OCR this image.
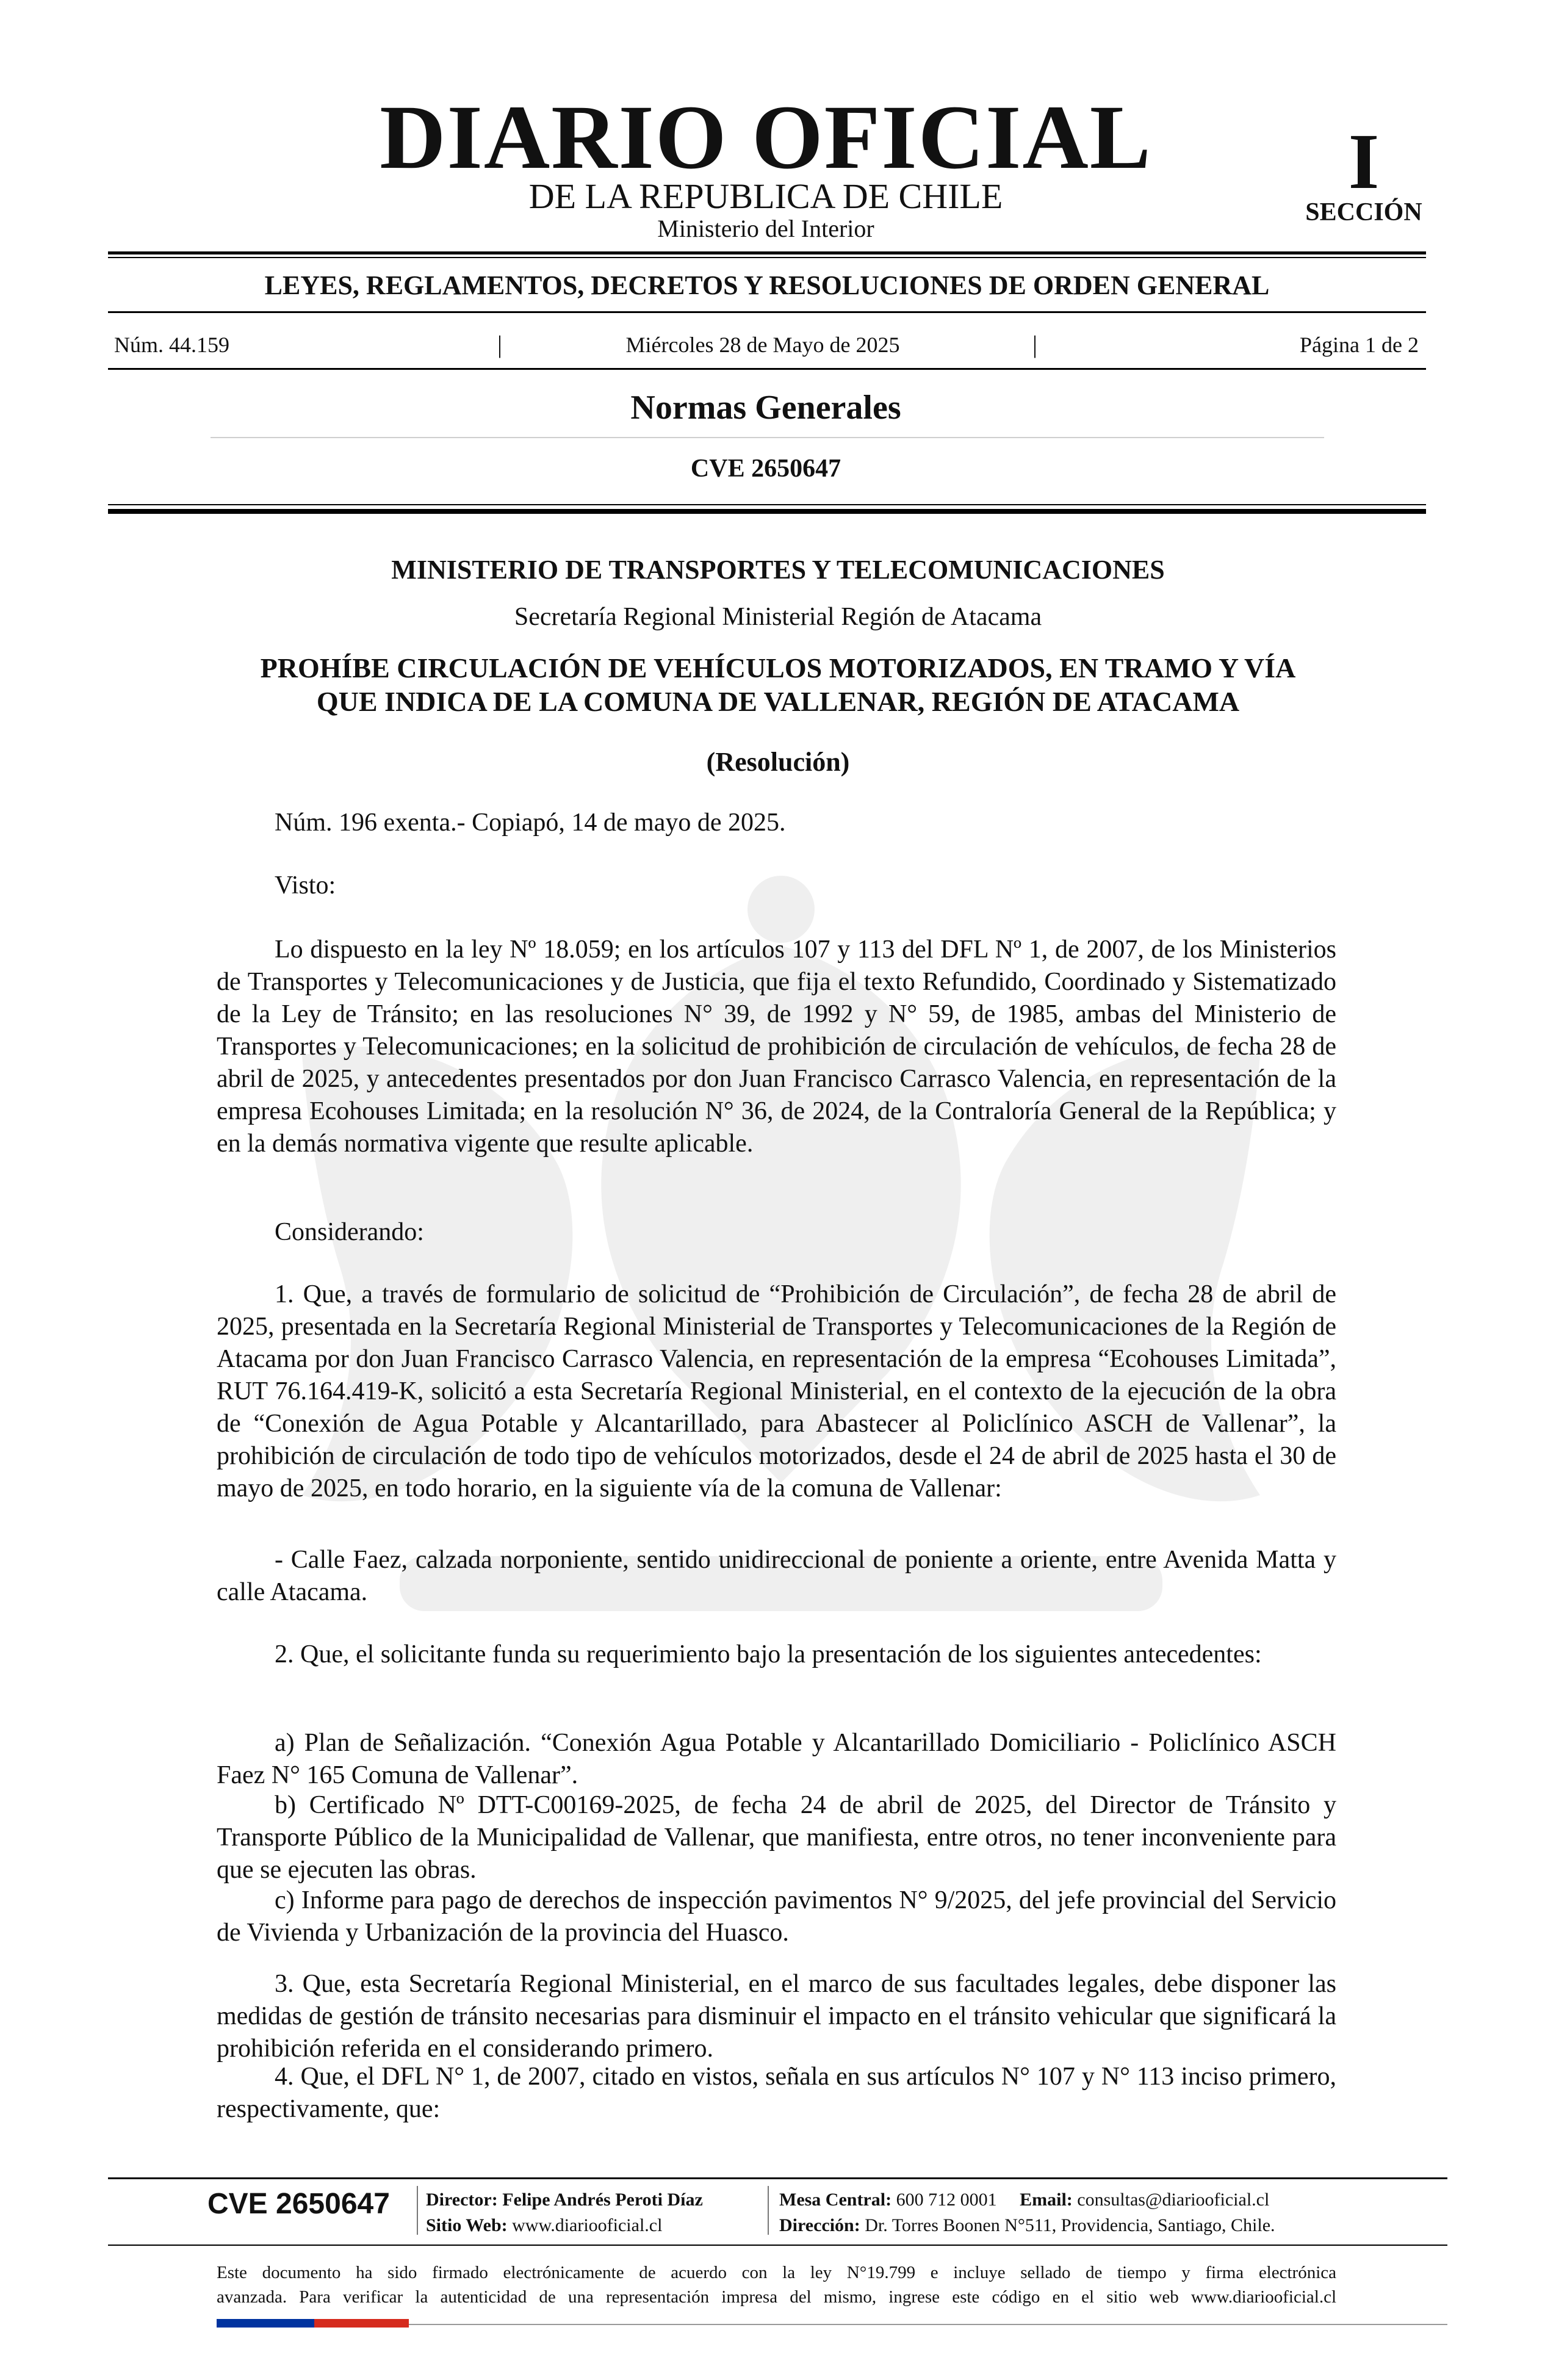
DIARIO OFICIAL
DE LA REPUBLICA DE CHILE
Ministerio del Interior
I
SECCIÓN
LEYES, REGLAMENTOS, DECRETOS Y RESOLUCIONES DE ORDEN GENERAL
Núm. 44.159	|	Miércoles 28 de Mayo de 2025	|	Página 1 de 2
Normas Generales
CVE 2650647
MINISTERIO DE TRANSPORTES Y TELECOMUNICACIONES
Secretaría Regional Ministerial Región de Atacama
PROHÍBE CIRCULACIÓN DE VEHÍCULOS MOTORIZADOS, EN TRAMO Y VÍA
QUE INDICA DE LA COMUNA DE VALLENAR, REGIÓN DE ATACAMA
(Resolución)

Núm. 196 exenta.- Copiapó, 14 de mayo de 2025.

Visto:

Lo dispuesto en la ley Nº 18.059; en los artículos 107 y 113 del DFL Nº 1, de 2007, de los Ministerios de Transportes y Telecomunicaciones y de Justicia, que fija el texto Refundido, Coordinado y Sistematizado de la Ley de Tránsito; en las resoluciones N° 39, de 1992 y N° 59, de 1985, ambas del Ministerio de Transportes y Telecomunicaciones; en la solicitud de prohibición de circulación de vehículos, de fecha 28 de abril de 2025, y antecedentes presentados por don Juan Francisco Carrasco Valencia, en representación de la empresa Ecohouses Limitada; en la resolución N° 36, de 2024, de la Contraloría General de la República; y en la demás normativa vigente que resulte aplicable.

Considerando:

1. Que, a través de formulario de solicitud de “Prohibición de Circulación”, de fecha 28 de abril de 2025, presentada en la Secretaría Regional Ministerial de Transportes y Telecomunicaciones de la Región de Atacama por don Juan Francisco Carrasco Valencia, en representación de la empresa “Ecohouses Limitada”, RUT 76.164.419-K, solicitó a esta Secretaría Regional Ministerial, en el contexto de la ejecución de la obra de “Conexión de Agua Potable y Alcantarillado, para Abastecer al Policlínico ASCH de Vallenar”, la prohibición de circulación de todo tipo de vehículos motorizados, desde el 24 de abril de 2025 hasta el 30 de mayo de 2025, en todo horario, en la siguiente vía de la comuna de Vallenar:

- Calle Faez, calzada norponiente, sentido unidireccional de poniente a oriente, entre Avenida Matta y calle Atacama.

2. Que, el solicitante funda su requerimiento bajo la presentación de los siguientes antecedentes:

a) Plan de Señalización. “Conexión Agua Potable y Alcantarillado Domiciliario - Policlínico ASCH Faez N° 165 Comuna de Vallenar”.

b) Certificado Nº DTT-C00169-2025, de fecha 24 de abril de 2025, del Director de Tránsito y Transporte Público de la Municipalidad de Vallenar, que manifiesta, entre otros, no tener inconveniente para que se ejecuten las obras.

c) Informe para pago de derechos de inspección pavimentos N° 9/2025, del jefe provincial del Servicio de Vivienda y Urbanización de la provincia del Huasco.

3. Que, esta Secretaría Regional Ministerial, en el marco de sus facultades legales, debe disponer las medidas de gestión de tránsito necesarias para disminuir el impacto en el tránsito vehicular que significará la prohibición referida en el considerando primero.

4. Que, el DFL N° 1, de 2007, citado en vistos, señala en sus artículos N° 107 y N° 113 inciso primero, respectivamente, que:

CVE 2650647 Director: Felipe Andrés Peroti Díaz
Sitio Web: www.diariooficial.cl
Mesa Central: 600 712 0001 Email: consultas@diariooficial.cl
Dirección: Dr. Torres Boonen N°511, Providencia, Santiago, Chile.
Este documento ha sido firmado electrónicamente de acuerdo con la ley N°19.799 e incluye sellado de tiempo y firma electrónica
avanzada. Para verificar la autenticidad de una representación impresa del mismo, ingrese este código en el sitio web www.diariooficial.cl
